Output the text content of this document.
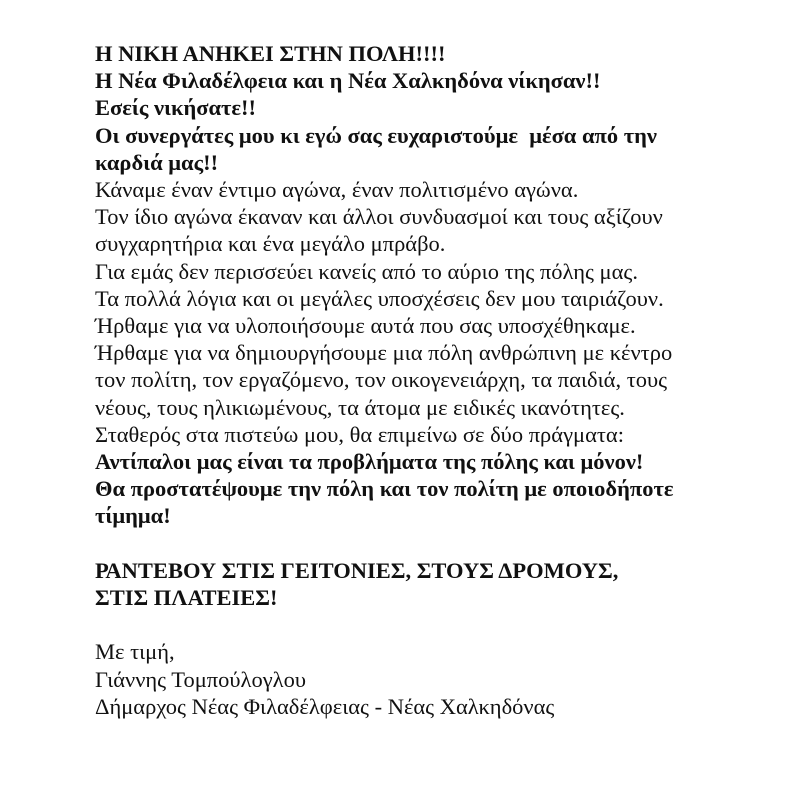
Η ΝΙΚΗ ΑΝΗΚΕΙ ΣΤΗΝ ΠΟΛΗ!!!!
Η Νέα Φιλαδέλφεια και η Νέα Χαλκηδόνα νίκησαν!!
Εσείς νικήσατε!!
Οι συνεργάτες μου κι εγώ σας ευχαριστούμε  μέσα από την
καρδιά μας!!
Κάναμε έναν έντιμο αγώνα, έναν πολιτισμένο αγώνα.
Τον ίδιο αγώνα έκαναν και άλλοι συνδυασμοί και τους αξίζουν
συγχαρητήρια και ένα μεγάλο μπράβο.
Για εμάς δεν περισσεύει κανείς από το αύριο της πόλης μας.
Τα πολλά λόγια και οι μεγάλες υποσχέσεις δεν μου ταιριάζουν.
Ήρθαμε για να υλοποιήσουμε αυτά που σας υποσχέθηκαμε.
Ήρθαμε για να δημιουργήσουμε μια πόλη ανθρώπινη με κέντρο
τον πολίτη, τον εργαζόμενο, τον οικογενειάρχη, τα παιδιά, τους
νέους, τους ηλικιωμένους, τα άτομα με ειδικές ικανότητες.
Σταθερός στα πιστεύω μου, θα επιμείνω σε δύο πράγματα:
Αντίπαλοι μας είναι τα προβλήματα της πόλης και μόνον!
Θα προστατέψουμε την πόλη και τον πολίτη με οποιοδήποτε
τίμημα!

ΡΑΝΤΕΒΟΥ ΣΤΙΣ ΓΕΙΤΟΝΙΕΣ, ΣΤΟΥΣ ΔΡΟΜΟΥΣ,
ΣΤΙΣ ΠΛΑΤΕΙΕΣ!

Με τιμή,
Γιάννης Τομπούλογλου
Δήμαρχος Νέας Φιλαδέλφειας - Νέας Χαλκηδόνας
